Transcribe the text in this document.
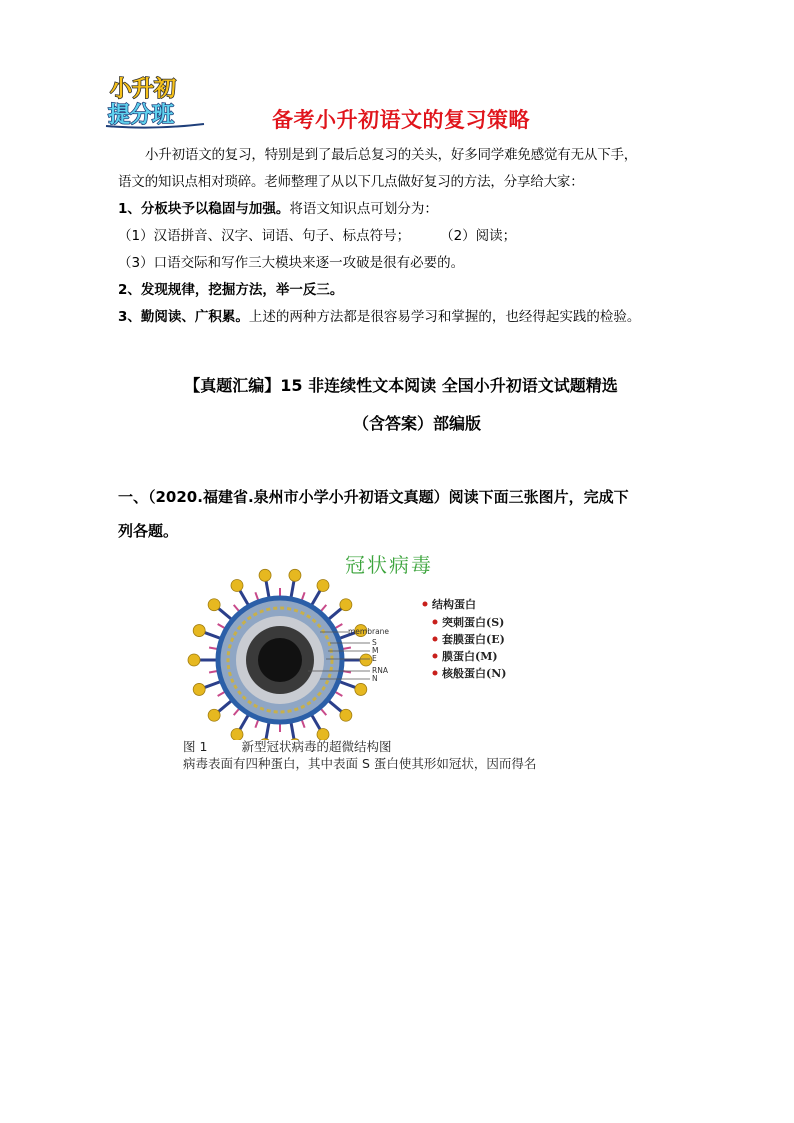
小升初
提分班	备考小升初语文的复习策略

小升初语文的复习，特别是到了最后总复习的关头，好多同学难免感觉有无从下手，

语文的知识点相对琐碎。老师整理了从以下几点做好复习的方法，分享给大家：

1、分板块予以稳固与加强。将语文知识点可划分为：

（1）汉语拼音、汉字、词语、句子、标点符号； （2）阅读；

（3）口语交际和写作三大模块来逐一攻破是很有必要的。

2、发现规律，挖掘方法，举一反三。

3、勤阅读、广积累。上述的两种方法都是很容易学习和掌握的，也经得起实践的检验。

【真题汇编】15 非连续性文本阅读 全国小升初语文试题精选
（含答案）部编版
一、（2020.福建省.泉州市小学小升初语文真题）阅读下面三张图片，完成下
列各题。
冠状病毒
membrane
S
M
E
RNA
N
结构蛋白
突刺蛋白(S)
套膜蛋白(E)
膜蛋白(M)
核般蛋白(N)
图 1	新型冠状病毒的超微结构图
病毒表面有四种蛋白，其中表面 S 蛋白使其形如冠状，因而得名
